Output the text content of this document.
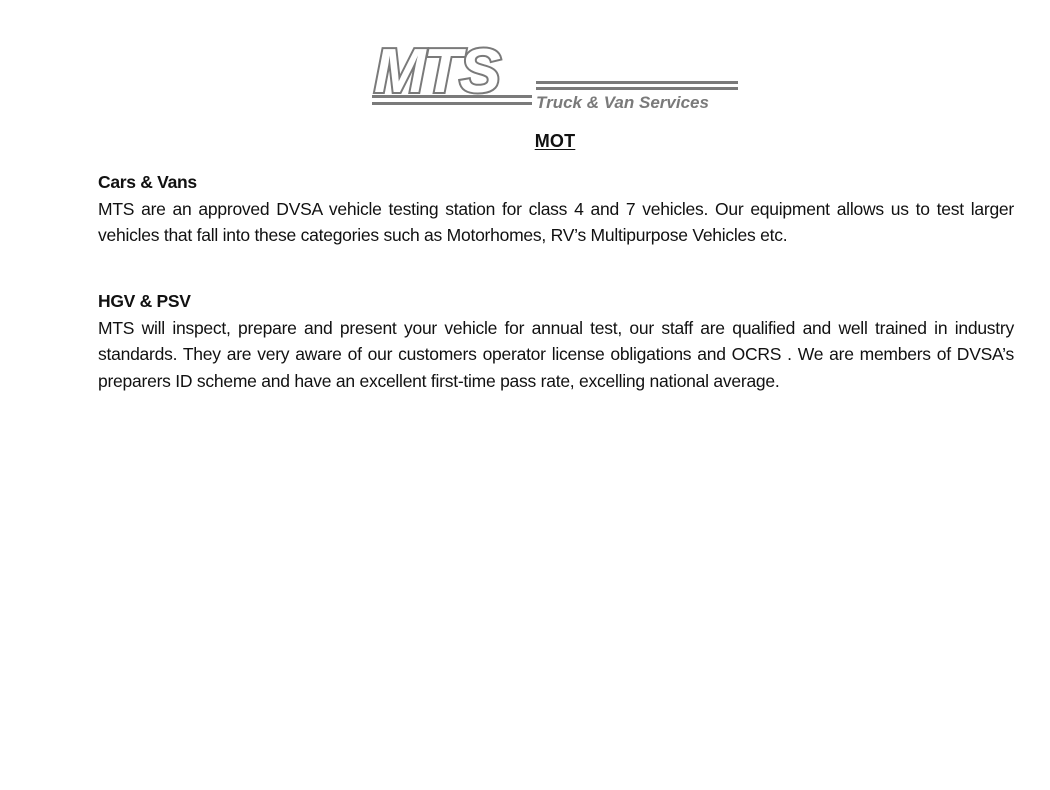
MTS Truck & Van Services
MOT

Cars & Vans

MTS are an approved DVSA vehicle testing station for class 4 and 7 vehicles. Our equipment allows us to test larger vehicles that fall into these categories such as Motorhomes, RV’s Multipurpose Vehicles etc.

HGV & PSV

MTS will inspect, prepare and present your vehicle for annual test, our staff are qualified and well trained in industry standards. They are very aware of our customers operator license obligations and OCRS . We are members of DVSA’s preparers ID scheme and have an excellent first-time pass rate, excelling national average.
